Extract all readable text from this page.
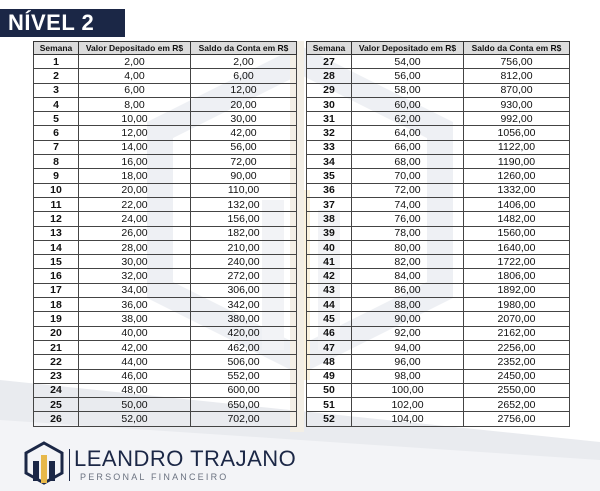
NÍVEL 2
Semana	Valor Depositado em R$	Saldo da Conta em R$
1	2,00	2,00
2	4,00	6,00
3	6,00	12,00
4	8,00	20,00
5	10,00	30,00
6	12,00	42,00
7	14,00	56,00
8	16,00	72,00
9	18,00	90,00
10	20,00	110,00
11	22,00	132,00
12	24,00	156,00
13	26,00	182,00
14	28,00	210,00
15	30,00	240,00
16	32,00	272,00
17	34,00	306,00
18	36,00	342,00
19	38,00	380,00
20	40,00	420,00
21	42,00	462,00
22	44,00	506,00
23	46,00	552,00
24	48,00	600,00
25	50,00	650,00
26	52,00	702,00
Semana	Valor Depositado em R$	Saldo da Conta em R$
27	54,00	756,00
28	56,00	812,00
29	58,00	870,00
30	60,00	930,00
31	62,00	992,00
32	64,00	1056,00
33	66,00	1122,00
34	68,00	1190,00
35	70,00	1260,00
36	72,00	1332,00
37	74,00	1406,00
38	76,00	1482,00
39	78,00	1560,00
40	80,00	1640,00
41	82,00	1722,00
42	84,00	1806,00
43	86,00	1892,00
44	88,00	1980,00
45	90,00	2070,00
46	92,00	2162,00
47	94,00	2256,00
48	96,00	2352,00
49	98,00	2450,00
50	100,00	2550,00
51	102,00	2652,00
52	104,00	2756,00
LEANDRO TRAJANO
PERSONAL FINANCEIRO
